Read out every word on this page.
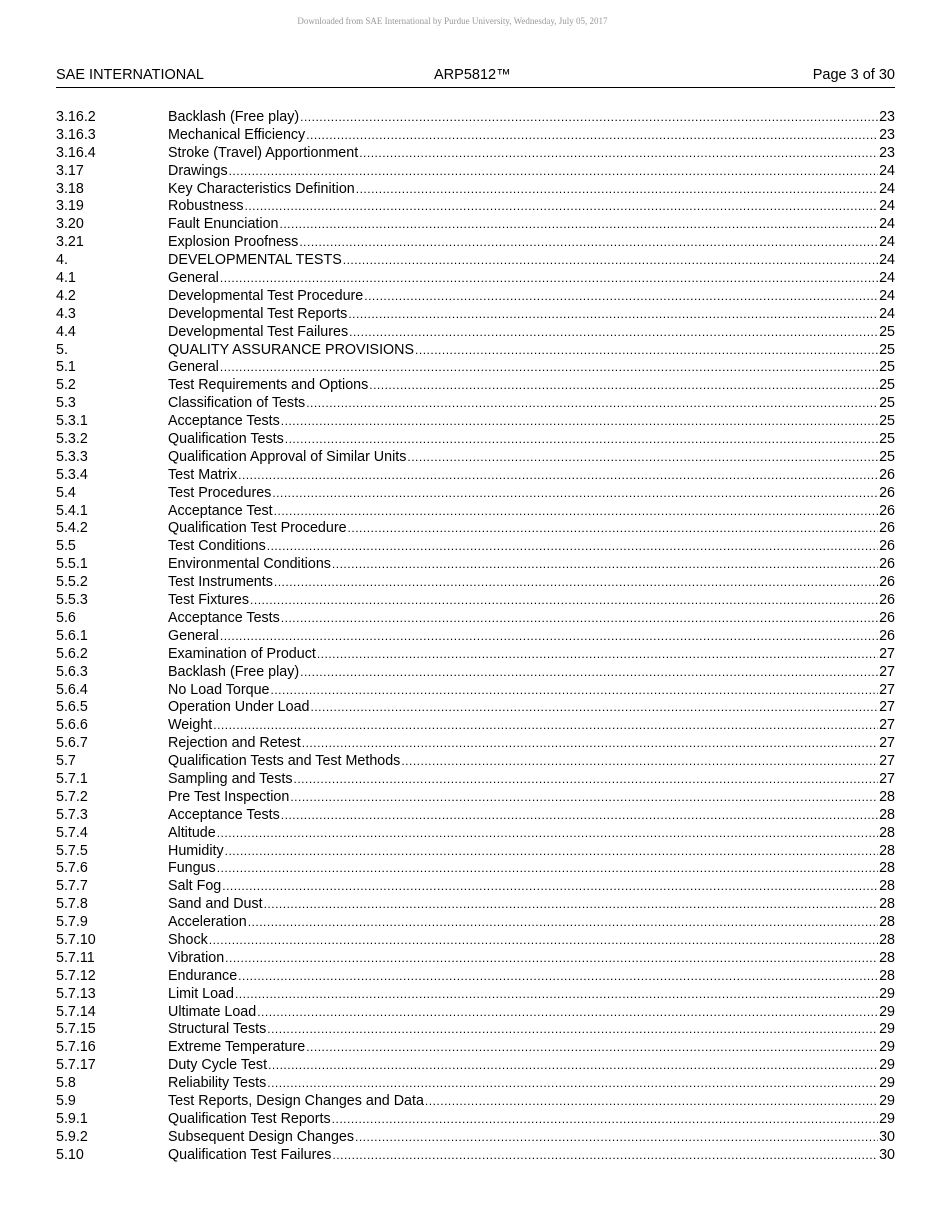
Downloaded from SAE International by Purdue University, Wednesday, July 05, 2017
SAE INTERNATIONAL	ARP5812™	Page 3 of 30
3.16.2	Backlash (Free play) .....	23
3.16.3	Mechanical Efficiency .....	23
3.16.4	Stroke (Travel) Apportionment .....	23
3.17	Drawings .....	24
3.18	Key Characteristics Definition .....	24
3.19	Robustness .....	24
3.20	Fault Enunciation .....	24
3.21	Explosion Proofness .....	24
4.	DEVELOPMENTAL TESTS .....	24
4.1	General .....	24
4.2	Developmental Test Procedure .....	24
4.3	Developmental Test Reports .....	24
4.4	Developmental Test Failures .....	25
5.	QUALITY ASSURANCE PROVISIONS .....	25
5.1	General .....	25
5.2	Test Requirements and Options .....	25
5.3	Classification of Tests .....	25
5.3.1	Acceptance Tests .....	25
5.3.2	Qualification Tests .....	25
5.3.3	Qualification Approval of Similar Units .....	25
5.3.4	Test Matrix .....	26
5.4	Test Procedures .....	26
5.4.1	Acceptance Test .....	26
5.4.2	Qualification Test Procedure .....	26
5.5	Test Conditions .....	26
5.5.1	Environmental Conditions .....	26
5.5.2	Test Instruments .....	26
5.5.3	Test Fixtures .....	26
5.6	Acceptance Tests .....	26
5.6.1	General .....	26
5.6.2	Examination of Product .....	27
5.6.3	Backlash (Free play) .....	27
5.6.4	No Load Torque .....	27
5.6.5	Operation Under Load .....	27
5.6.6	Weight .....	27
5.6.7	Rejection and Retest .....	27
5.7	Qualification Tests and Test Methods .....	27
5.7.1	Sampling and Tests .....	27
5.7.2	Pre Test Inspection .....	28
5.7.3	Acceptance Tests .....	28
5.7.4	Altitude .....	28
5.7.5	Humidity .....	28
5.7.6	Fungus .....	28
5.7.7	Salt Fog .....	28
5.7.8	Sand and Dust .....	28
5.7.9	Acceleration .....	28
5.7.10	Shock .....	28
5.7.11	Vibration .....	28
5.7.12	Endurance .....	28
5.7.13	Limit Load .....	29
5.7.14	Ultimate Load .....	29
5.7.15	Structural Tests .....	29
5.7.16	Extreme Temperature .....	29
5.7.17	Duty Cycle Test .....	29
5.8	Reliability Tests .....	29
5.9	Test Reports, Design Changes and Data .....	29
5.9.1	Qualification Test Reports .....	29
5.9.2	Subsequent Design Changes .....	30
5.10	Qualification Test Failures .....	30
